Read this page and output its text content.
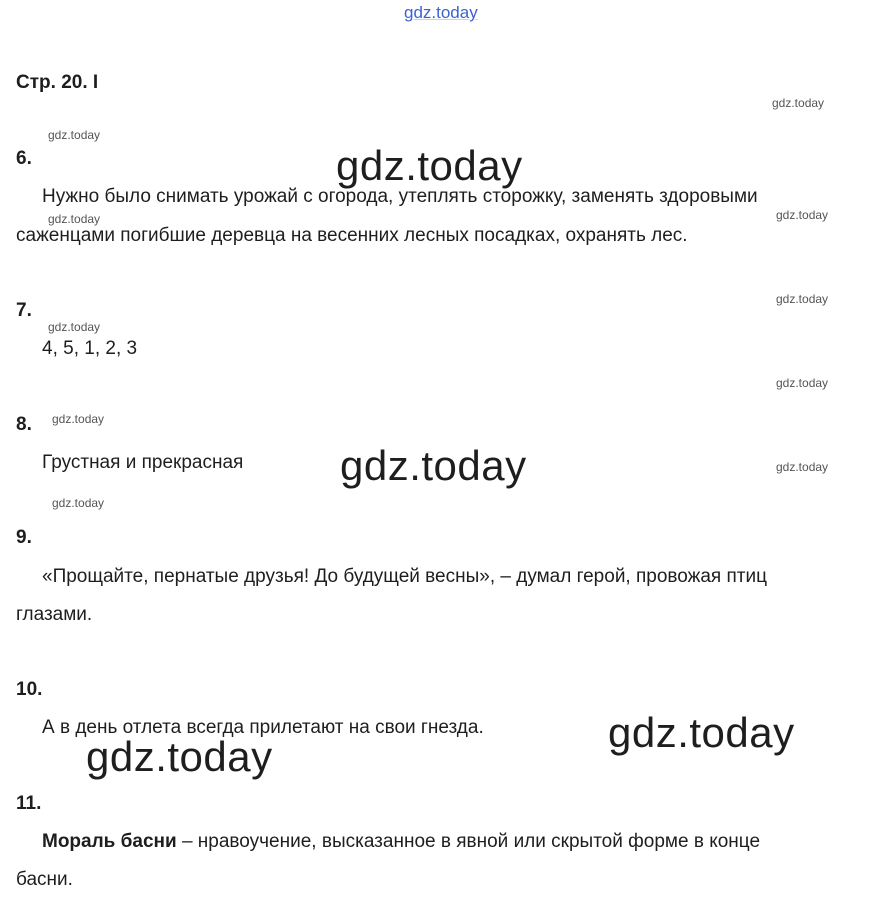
gdz.today
Стр. 20. I
gdz.today
gdz.today
gdz.today	gdz.today
gdz.today
gdz.today
gdz.today
gdz.today
gdz.today
gdz.today
gdz.today
gdz.today
gdz.today
gdz.today
6.
Нужно было снимать урожай с огорода, утеплять сторожку, заменять здоровыми
саженцами погибшие деревца на весенних лесных посадках, охранять лес.
7.
4, 5, 1, 2, 3
8.
Грустная и прекрасная
9.
«Прощайте, пернатые друзья! До будущей весны», – думал герой, провожая птиц
глазами.
10.
А в день отлета всегда прилетают на свои гнезда.
11.
Мораль басни – нравоучение, высказанное в явной или скрытой форме в конце
басни.
